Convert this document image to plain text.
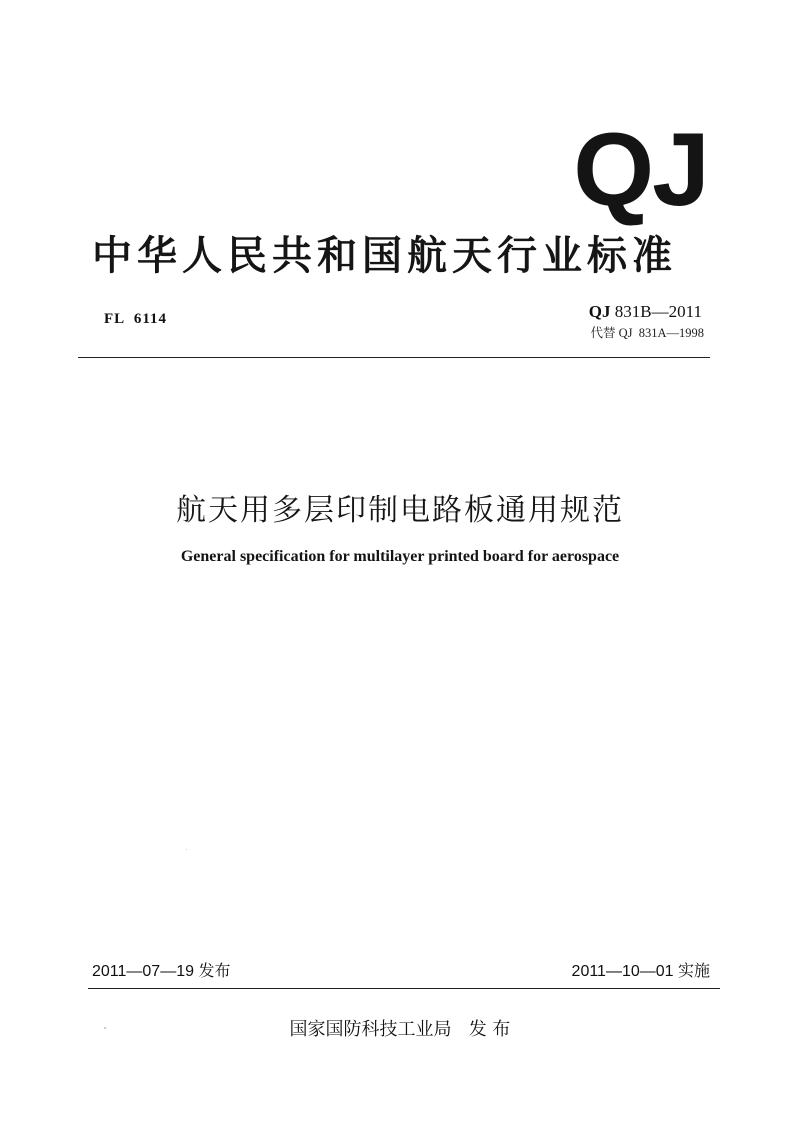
QJ
中华人民共和国航天行业标准
FL  6114	QJ 831B—2011
代替 QJ  831A—1998
航天用多层印制电路板通用规范
General specification for multilayer printed board for aerospace
2011—07—19 发布	2011—10—01 实施
国家国防科技工业局   发 布
